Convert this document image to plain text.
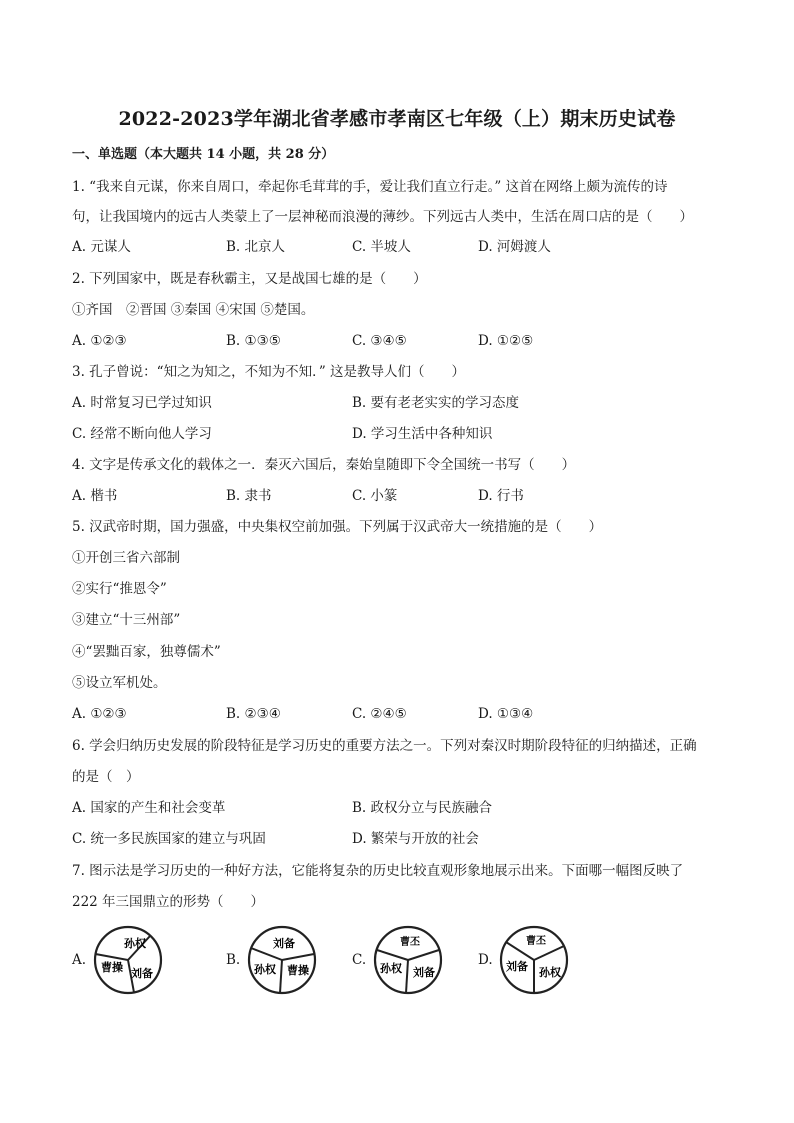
2022-2023学年湖北省孝感市孝南区七年级（上）期末历史试卷
一、单选题（本大题共 14 小题，共 28 分）
1. “我来自元谋，你来自周口，牵起你毛茸茸的手，爱让我们直立行走。” 这首在网络上颇为流传的诗
句，让我国境内的远古人类蒙上了一层神秘而浪漫的薄纱。下列远古人类中，生活在周口店的是（　　）
A. 元谋人	B. 北京人	C. 半坡人	D. 河姆渡人
2. 下列国家中，既是春秋霸主，又是战国七雄的是（　　）
①齐国　②晋国 ③秦国 ④宋国 ⑤楚国。
A. ①②③	B. ①③⑤	C. ③④⑤	D. ①②⑤
3. 孔子曾说：“知之为知之，不知为不知．” 这是教导人们（　　）
A. 时常复习已学过知识	B. 要有老老实实的学习态度
C. 经常不断向他人学习	D. 学习生活中各种知识
4. 文字是传承文化的载体之一．秦灭六国后，秦始皇随即下令全国统一书写（　　）
A. 楷书	B. 隶书	C. 小篆	D. 行书
5. 汉武帝时期，国力强盛，中央集权空前加强。下列属于汉武帝大一统措施的是（　　）
①开创三省六部制
②实行“推恩令”
③建立“十三州部”
④“罢黜百家，独尊儒术”
⑤设立军机处。
A. ①②③	B. ②③④	C. ②④⑤	D. ①③④
6. 学会归纳历史发展的阶段特征是学习历史的重要方法之一。下列对秦汉时期阶段特征的归纳描述，正确
的是（　）
A. 国家的产生和社会变革	B. 政权分立与民族融合
C. 统一多民族国家的建立与巩固	D. 繁荣与开放的社会
7. 图示法是学习历史的一种好方法，它能将复杂的历史比较直观形象地展示出来。下面哪一幅图反映了
222 年三国鼎立的形势（　　）
A.
孙权
曹操 刘备
B.
刘备
孙权 曹操
C.
曹丕
孙权 刘备
D.
曹丕
刘备 孙权
